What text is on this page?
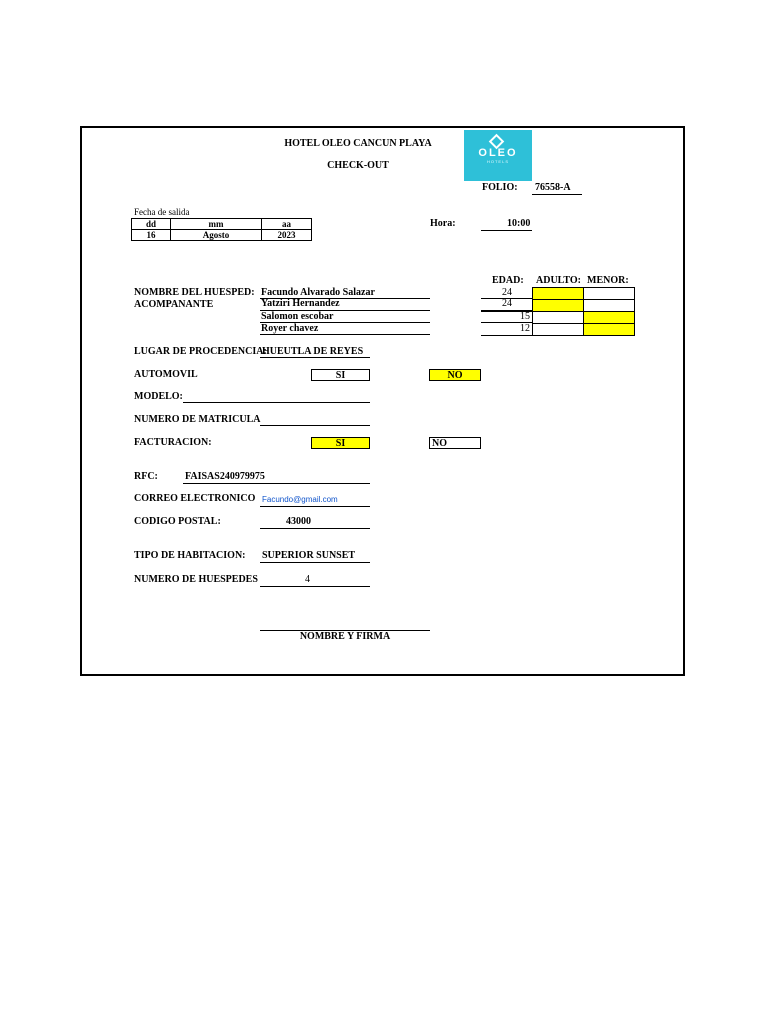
HOTEL OLEO CANCUN PLAYA
CHECK-OUT
OLEO
HOTELS
FOLIO: 76558-A
Fecha de salida
dd	mm	aa
16	Agosto	2023
Hora:	10:00
EDAD: ADULTO: MENOR:
NOMBRE DEL HUESPED:
ACOMPANANTE
Facundo Alvarado Salazar	24
Yatziri Hernandez	24
Salomon escobar	15
Royer chavez	12
LUGAR DE PROCEDENCIA:
HUEUTLA DE REYES
AUTOMOVIL	SI	NO
MODELO:
NUMERO DE MATRICULA
FACTURACION:	SI	NO
RFC:	FAISAS240979975
CORREO ELECTRONICO Facundo@gmail.com
CODIGO POSTAL:	43000
TIPO DE HABITACION: SUPERIOR SUNSET
NUMERO DE HUESPEDES	4
NOMBRE Y FIRMA
